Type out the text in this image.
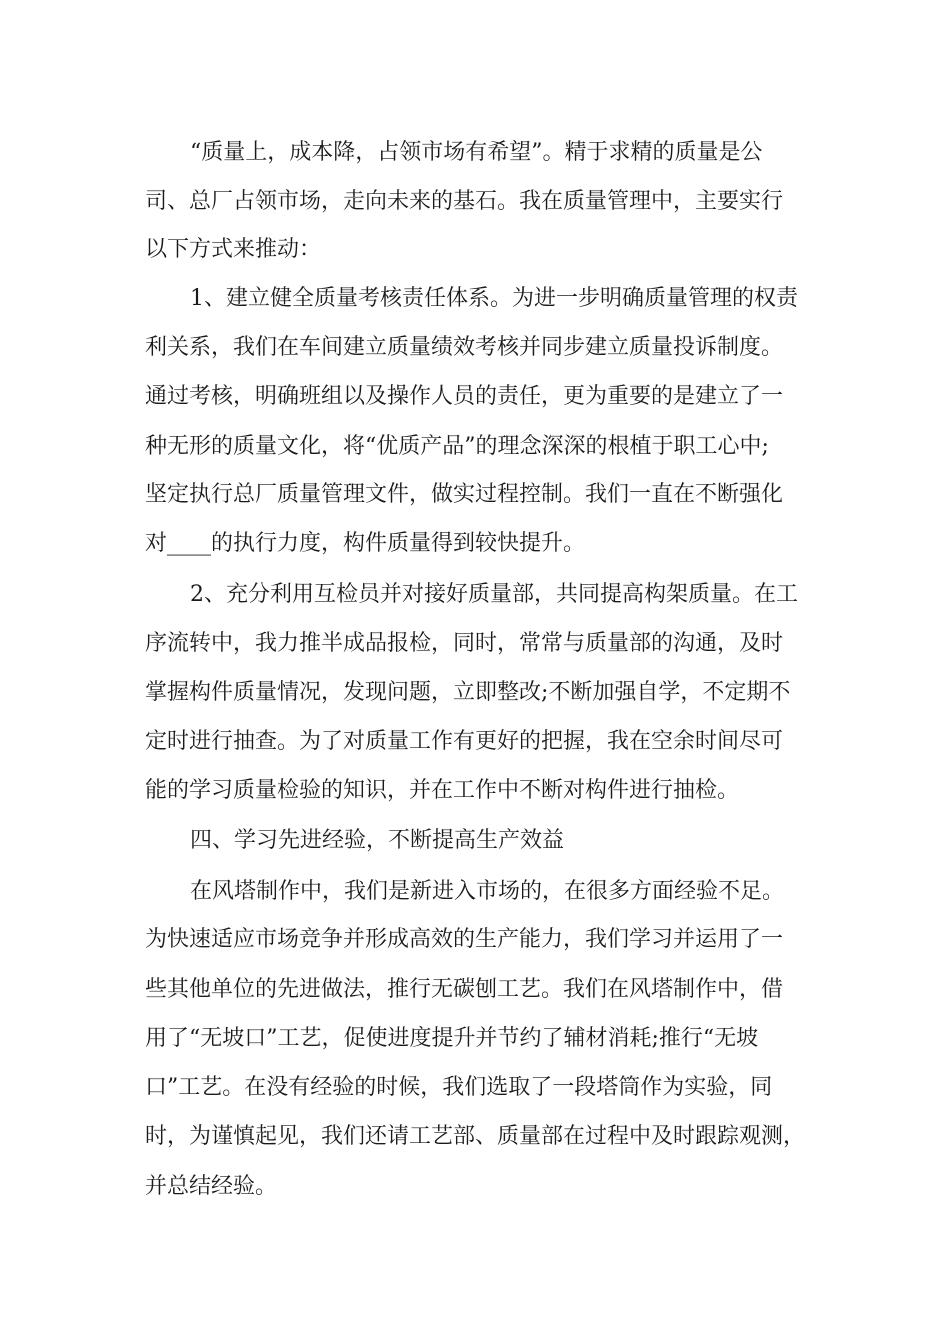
“质量上，成本降，占领市场有希望”。精于求精的质量是公
司、总厂占领市场，走向未来的基石。我在质量管理中，主要实行
以下方式来推动：
1、建立健全质量考核责任体系。为进一步明确质量管理的权责
利关系，我们在车间建立质量绩效考核并同步建立质量投诉制度。
通过考核，明确班组以及操作人员的责任，更为重要的是建立了一
种无形的质量文化，将“优质产品”的理念深深的根植于职工心中;
坚定执行总厂质量管理文件，做实过程控制。我们一直在不断强化
对____的执行力度，构件质量得到较快提升。
2、充分利用互检员并对接好质量部，共同提高构架质量。在工
序流转中，我力推半成品报检，同时，常常与质量部的沟通，及时
掌握构件质量情况，发现问题，立即整改;不断加强自学，不定期不
定时进行抽查。为了对质量工作有更好的把握，我在空余时间尽可
能的学习质量检验的知识，并在工作中不断对构件进行抽检。
四、学习先进经验，不断提高生产效益
在风塔制作中，我们是新进入市场的，在很多方面经验不足。
为快速适应市场竞争并形成高效的生产能力，我们学习并运用了一
些其他单位的先进做法，推行无碳刨工艺。我们在风塔制作中，借
用了“无坡口”工艺，促使进度提升并节约了辅材消耗;推行“无坡
口”工艺。在没有经验的时候，我们选取了一段塔筒作为实验，同
时，为谨慎起见，我们还请工艺部、质量部在过程中及时跟踪观测，
并总结经验。
